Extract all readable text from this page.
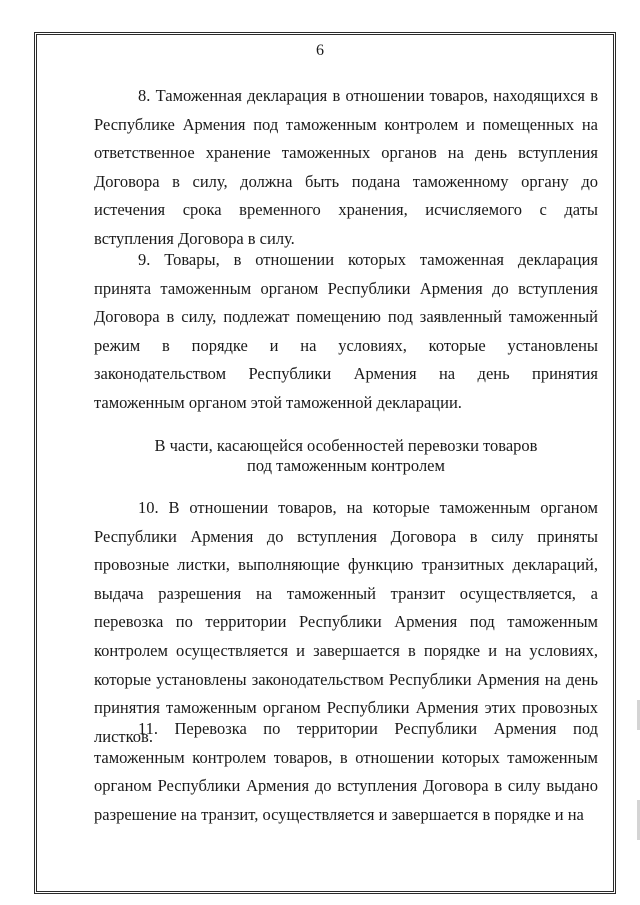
6

8. Таможенная декларация в отношении товаров, находящихся в Республике Армения под таможенным контролем и помещенных на ответственное хранение таможенных органов на день вступления Договора в силу, должна быть подана таможенному органу до истечения срока временного хранения, исчисляемого с даты вступления Договора в силу.

9. Товары, в отношении которых таможенная декларация принята таможенным органом Республики Армения до вступления Договора в силу, подлежат помещению под заявленный таможенный режим в порядке и на условиях, которые установлены законодательством Республики Армения на день принятия таможенным органом этой таможенной декларации.

В части, касающейся особенностей перевозки товаров
под таможенным контролем

10. В отношении товаров, на которые таможенным органом Республики Армения до вступления Договора в силу приняты провозные листки, выполняющие функцию транзитных деклараций, выдача разрешения на таможенный транзит осуществляется, а перевозка по территории Республики Армения под таможенным контролем осуществляется и завершается в порядке и на условиях, которые установлены законодательством Республики Армения на день принятия таможенным органом Республики Армения этих провозных листков.

11. Перевозка по территории Республики Армения под таможенным контролем товаров, в отношении которых таможенным органом Республики Армения до вступления Договора в силу выдано разрешение на транзит, осуществляется и завершается в порядке и на
